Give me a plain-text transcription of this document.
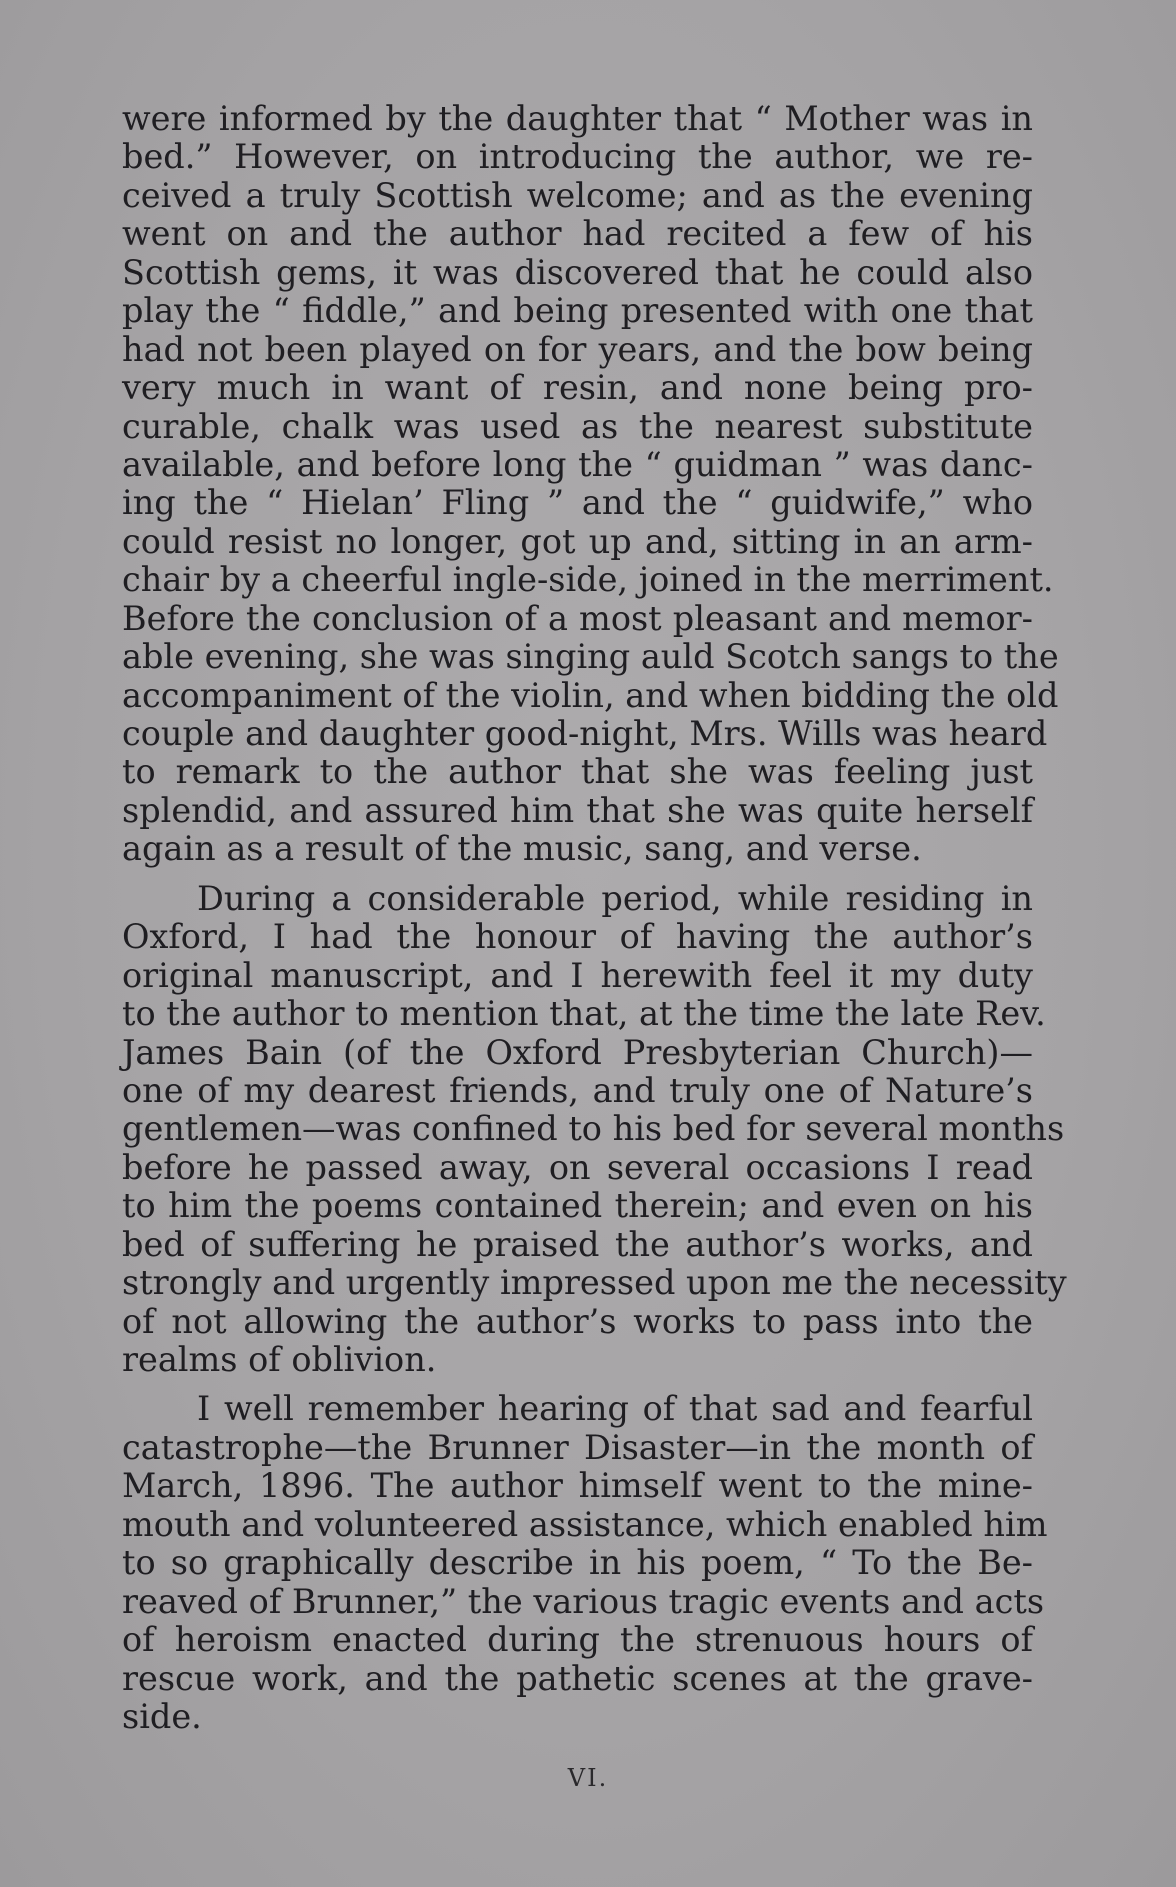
were informed by the daughter that “ Mother was in
bed.” However, on introducing the author, we re-
ceived a truly Scottish welcome; and as the evening
went on and the author had recited a few of his
Scottish gems, it was discovered that he could also
play the “ fiddle,” and being presented with one that
had not been played on for years, and the bow being
very much in want of resin, and none being pro-
curable, chalk was used as the nearest substitute
available, and before long the “ guidman ” was danc-
ing the “ Hielan’ Fling ” and the “ guidwife,” who
could resist no longer, got up and, sitting in an arm-
chair by a cheerful ingle-side, joined in the merriment.
Before the conclusion of a most pleasant and memor-
able evening, she was singing auld Scotch sangs to the
accompaniment of the violin, and when bidding the old
couple and daughter good-night, Mrs. Wills was heard
to remark to the author that she was feeling just
splendid, and assured him that she was quite herself
again as a result of the music, sang, and verse.
During a considerable period, while residing in
Oxford, I had the honour of having the author’s
original manuscript, and I herewith feel it my duty
to the author to mention that, at the time the late Rev.
James Bain (of the Oxford Presbyterian Church)—
one of my dearest friends, and truly one of Nature’s
gentlemen—was confined to his bed for several months
before he passed away, on several occasions I read
to him the poems contained therein; and even on his
bed of suffering he praised the author’s works, and
strongly and urgently impressed upon me the necessity
of not allowing the author’s works to pass into the
realms of oblivion.
I well remember hearing of that sad and fearful
catastrophe—the Brunner Disaster—in the month of
March, 1896. The author himself went to the mine-
mouth and volunteered assistance, which enabled him
to so graphically describe in his poem, “ To the Be-
reaved of Brunner,” the various tragic events and acts
of heroism enacted during the strenuous hours of
rescue work, and the pathetic scenes at the grave-
side.
VI.
